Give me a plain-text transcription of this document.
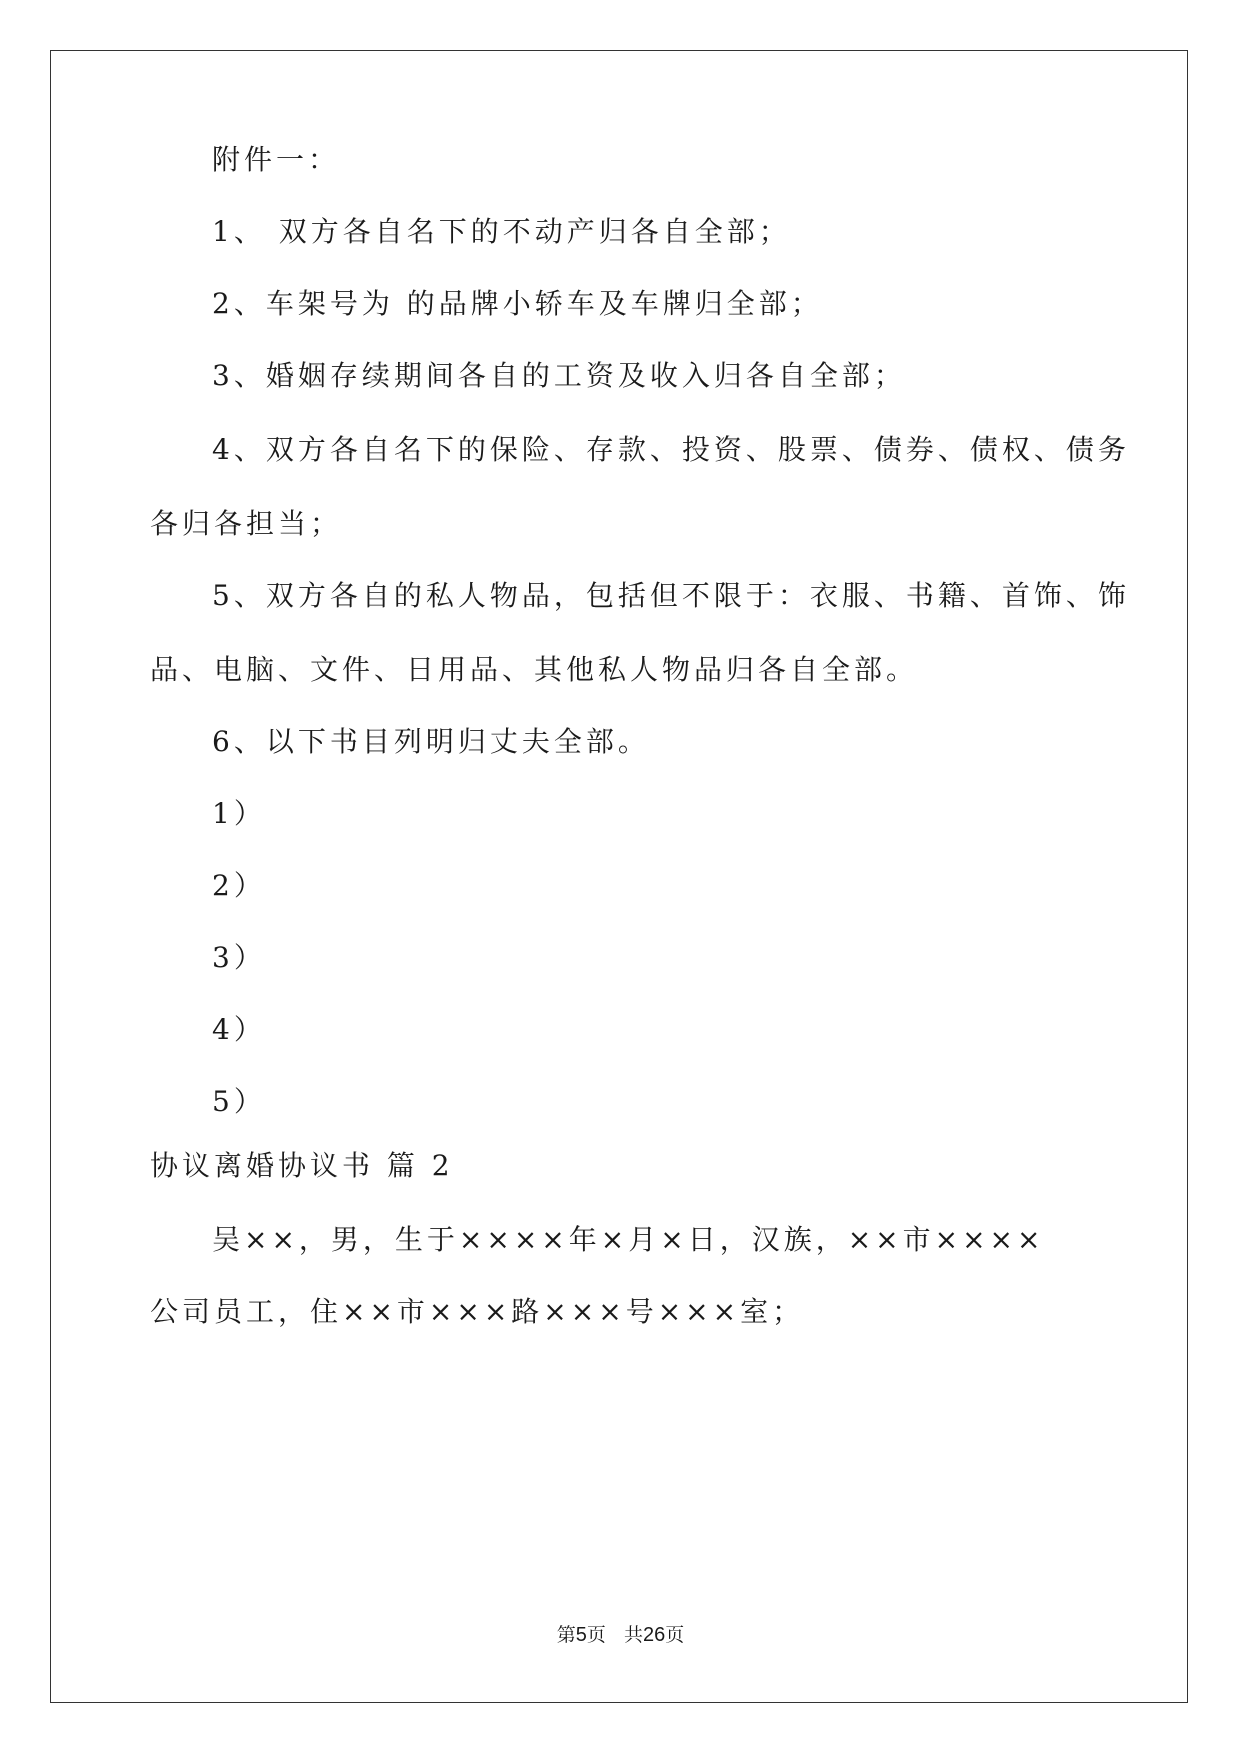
附件一：
1、 双方各自名下的不动产归各自全部；
2、车架号为 的品牌小轿车及车牌归全部；
3、婚姻存续期间各自的工资及收入归各自全部；
4、双方各自名下的保险、存款、投资、股票、债券、债权、债务
各归各担当；
5、双方各自的私人物品，包括但不限于：衣服、书籍、首饰、饰
品、电脑、文件、日用品、其他私人物品归各自全部。
6、以下书目列明归丈夫全部。
1）
2）
3）
4）
5）
协议离婚协议书 篇 2
吴××，男，生于××××年×月×日，汉族，××市××××
公司员工，住××市×××路×××号×××室；
第5页 共26页
